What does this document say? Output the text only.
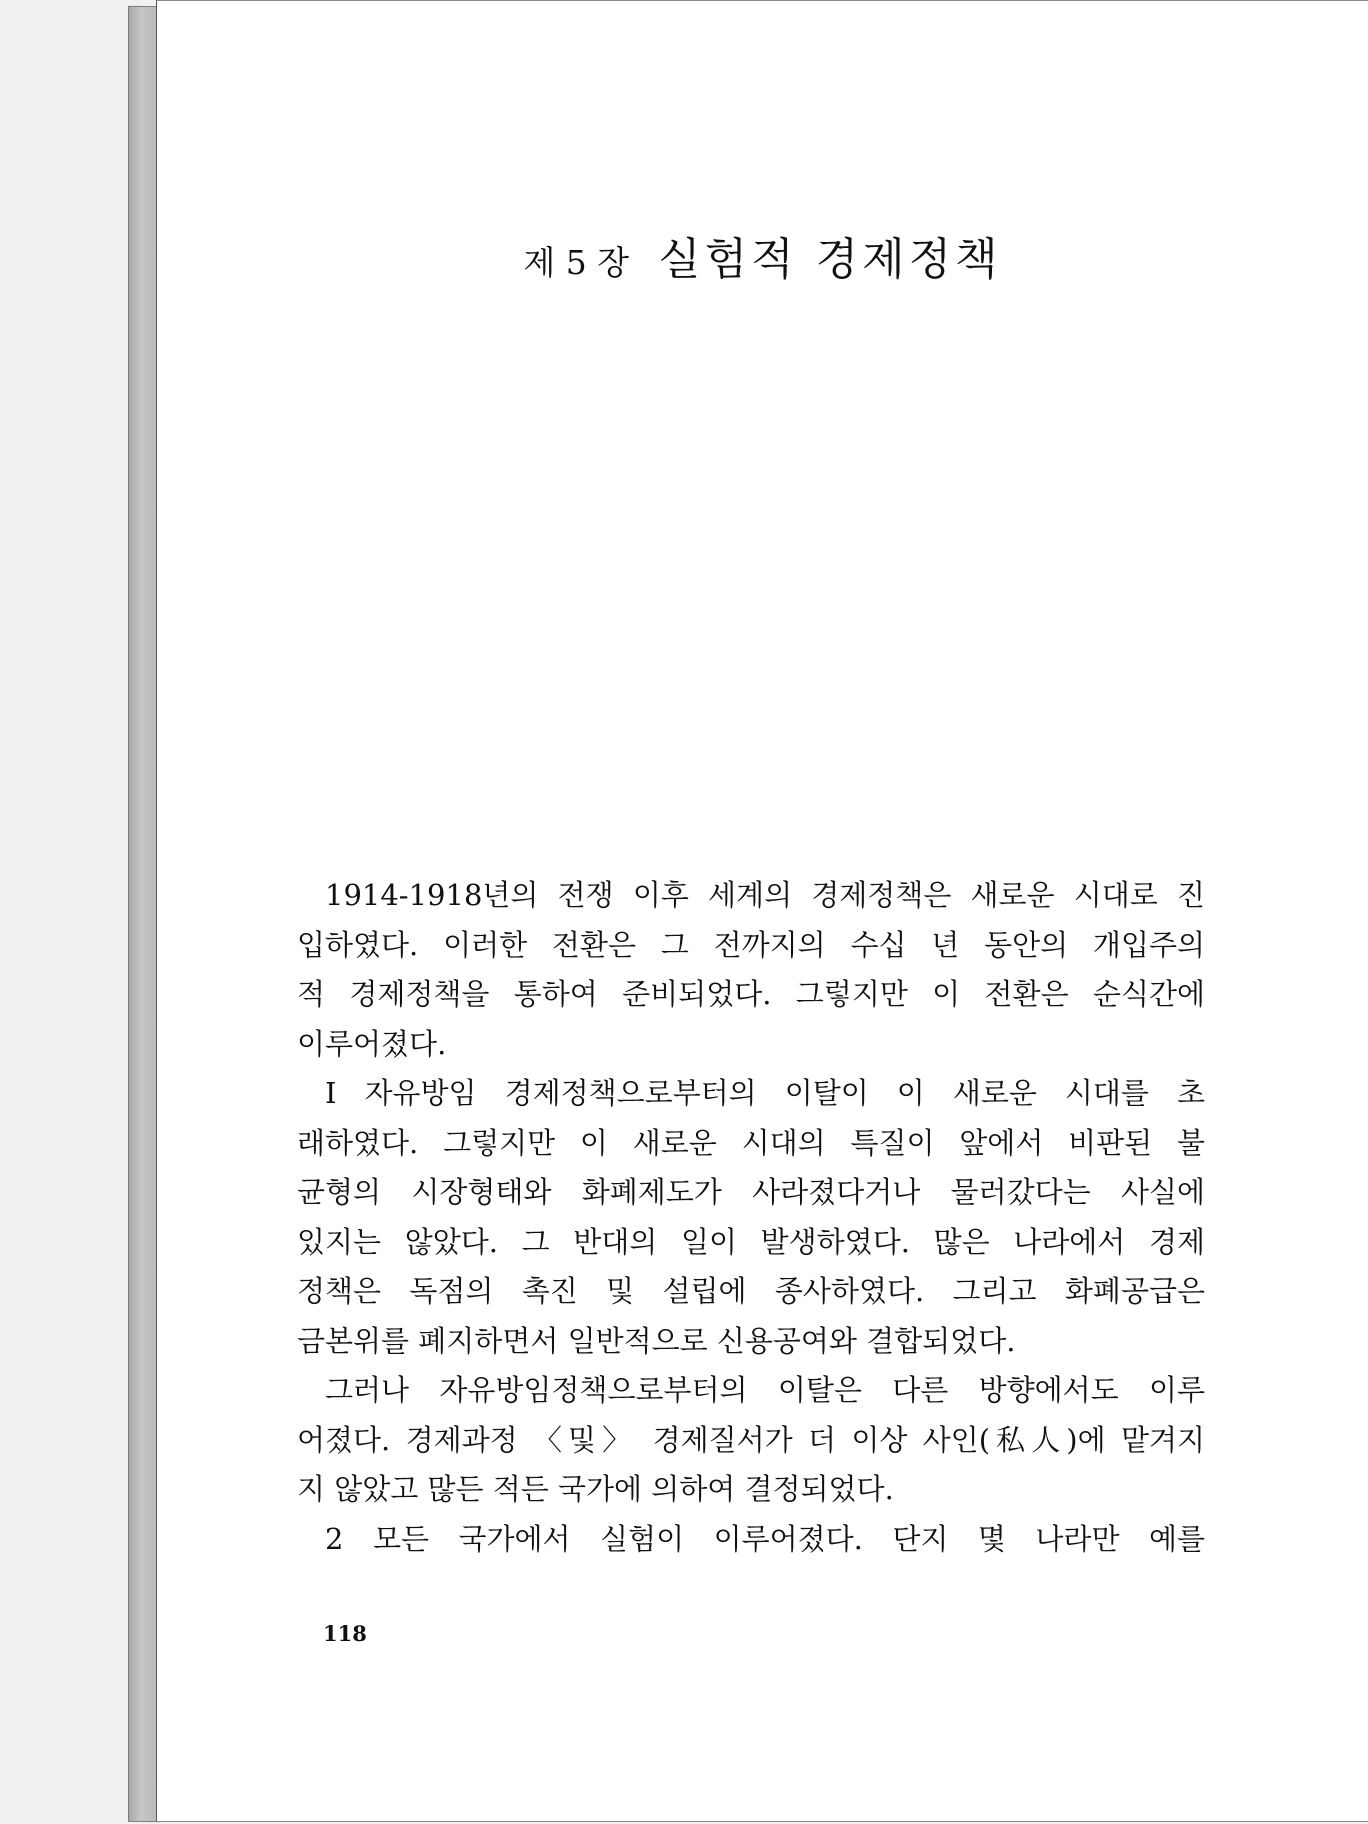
제 5 장 실험적 경제정책
1914-1918년의 전쟁 이후 세계의 경제정책은 새로운 시대로 진
입하였다. 이러한 전환은 그 전까지의 수십 년 동안의 개입주의
적 경제정책을 통하여 준비되었다. 그렇지만 이 전환은 순식간에
이루어졌다.
I 자유방임 경제정책으로부터의 이탈이 이 새로운 시대를 초
래하였다. 그렇지만 이 새로운 시대의 특질이 앞에서 비판된 불
균형의 시장형태와 화폐제도가 사라졌다거나 물러갔다는 사실에
있지는 않았다. 그 반대의 일이 발생하였다. 많은 나라에서 경제
정책은 독점의 촉진 및 설립에 종사하였다. 그리고 화폐공급은
금본위를 폐지하면서 일반적으로 신용공여와 결합되었다.
그러나 자유방임정책으로부터의 이탈은 다른 방향에서도 이루
어졌다. 경제과정 〈및〉 경제질서가 더 이상 사인(私人)에 맡겨지
지 않았고 많든 적든 국가에 의하여 결정되었다.
2 모든 국가에서 실험이 이루어졌다. 단지 몇 나라만 예를
118
